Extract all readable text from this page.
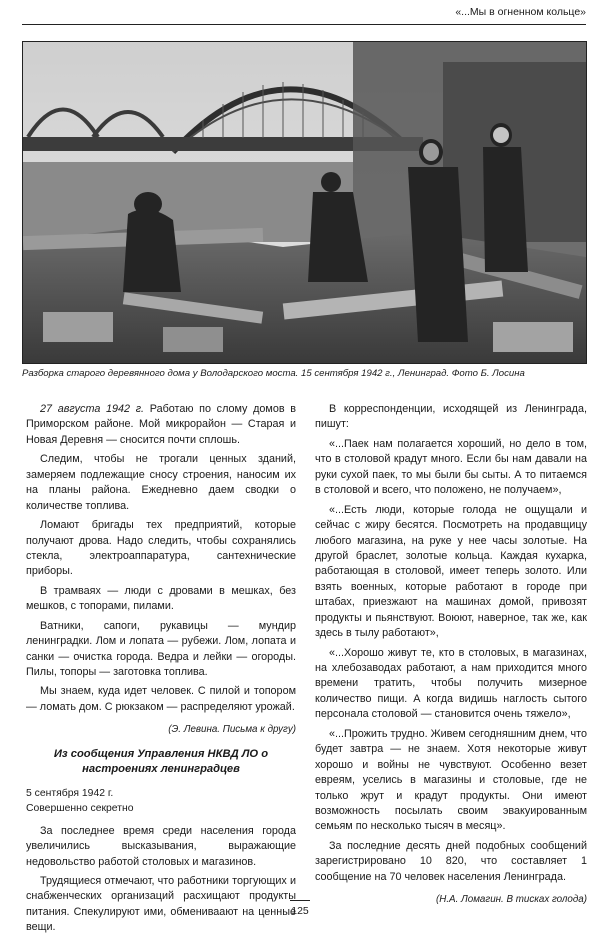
«...Мы в огненном кольце»
Разборка старого деревянного дома у Володарского моста. 15 сентября 1942 г., Ленинград. Фото Б. Лосина

27 августа 1942 г. Работаю по слому домов в Приморском районе. Мой микрорайон — Старая и Новая Деревня — сносится почти сплошь.

Следим, чтобы не трогали ценных зданий, замеряем подлежащие сносу строения, наносим их на планы района. Ежедневно даем сводки о количестве топлива.

Ломают бригады тех предприятий, которые получают дрова. Надо следить, чтобы сохранялись стекла, электроаппаратура, сантехнические приборы.

В трамваях — люди с дровами в мешках, без мешков, с топорами, пилами.

Ватники, сапоги, рукавицы — мундир ленинградки. Лом и лопата — рубежи. Лом, лопата и санки — очистка города. Ведра и лейки — огороды. Пилы, топоры — заготовка топлива.

Мы знаем, куда идет человек. С пилой и топором — ломать дом. С рюкзаком — распределяют урожай.

(Э. Левина. Письма к другу)
Из сообщения Управления НКВД ЛО о настроениях ленинградцев
5 сентября 1942 г.
Совершенно секретно

За последнее время среди населения города увеличились высказывания, выражающие недовольство работой столовых и магазинов.

Трудящиеся отмечают, что работники торгующих и снабженческих организаций расхищают продукты питания. Спекулируют ими, обмениваают на ценные вещи.

В корреспонденции, исходящей из Ленинграда, пишут:

«...Паек нам полагается хороший, но дело в том, что в столовой крадут много. Если бы нам давали на руки сухой паек, то мы были бы сыты. А то питаемся в столовой и всего, что положено, не получаем»,

«...Есть люди, которые голода не ощущали и сейчас с жиру бесятся. Посмотреть на продавщицу любого магазина, на руке у нее часы золотые. На другой браслет, золотые кольца. Каждая кухарка, работающая в столовой, имеет теперь золото. Или взять военных, которые работают в городе при штабах, приезжают на машинах домой, привозят продукты и пьянствуют. Воюют, наверное, так же, как здесь в тылу работают»,

«...Хорошо живут те, кто в столовых, в магазинах, на хлебозаводах работают, а нам приходится много времени тратить, чтобы получить мизерное количество пищи. А когда видишь наглость сытого персонала столовой — становится очень тяжело»,

«...Прожить трудно. Живем сегодняшним днем, что будет завтра — не знаем. Хотя некоторые живут хорошо и войны не чувствуют. Особенно везет евреям, уселись в магазины и столовые, где не только жрут и крадут продукты. Они имеют возможность посылать своим эвакуированным семьям по несколько тысяч в месяц».

За последние десять дней подобных сообщений зарегистрировано 10 820, что составляет 1 сообщение на 70 человек населения Ленинграда.

(Н.А. Ломагин. В тисках голода)
125
